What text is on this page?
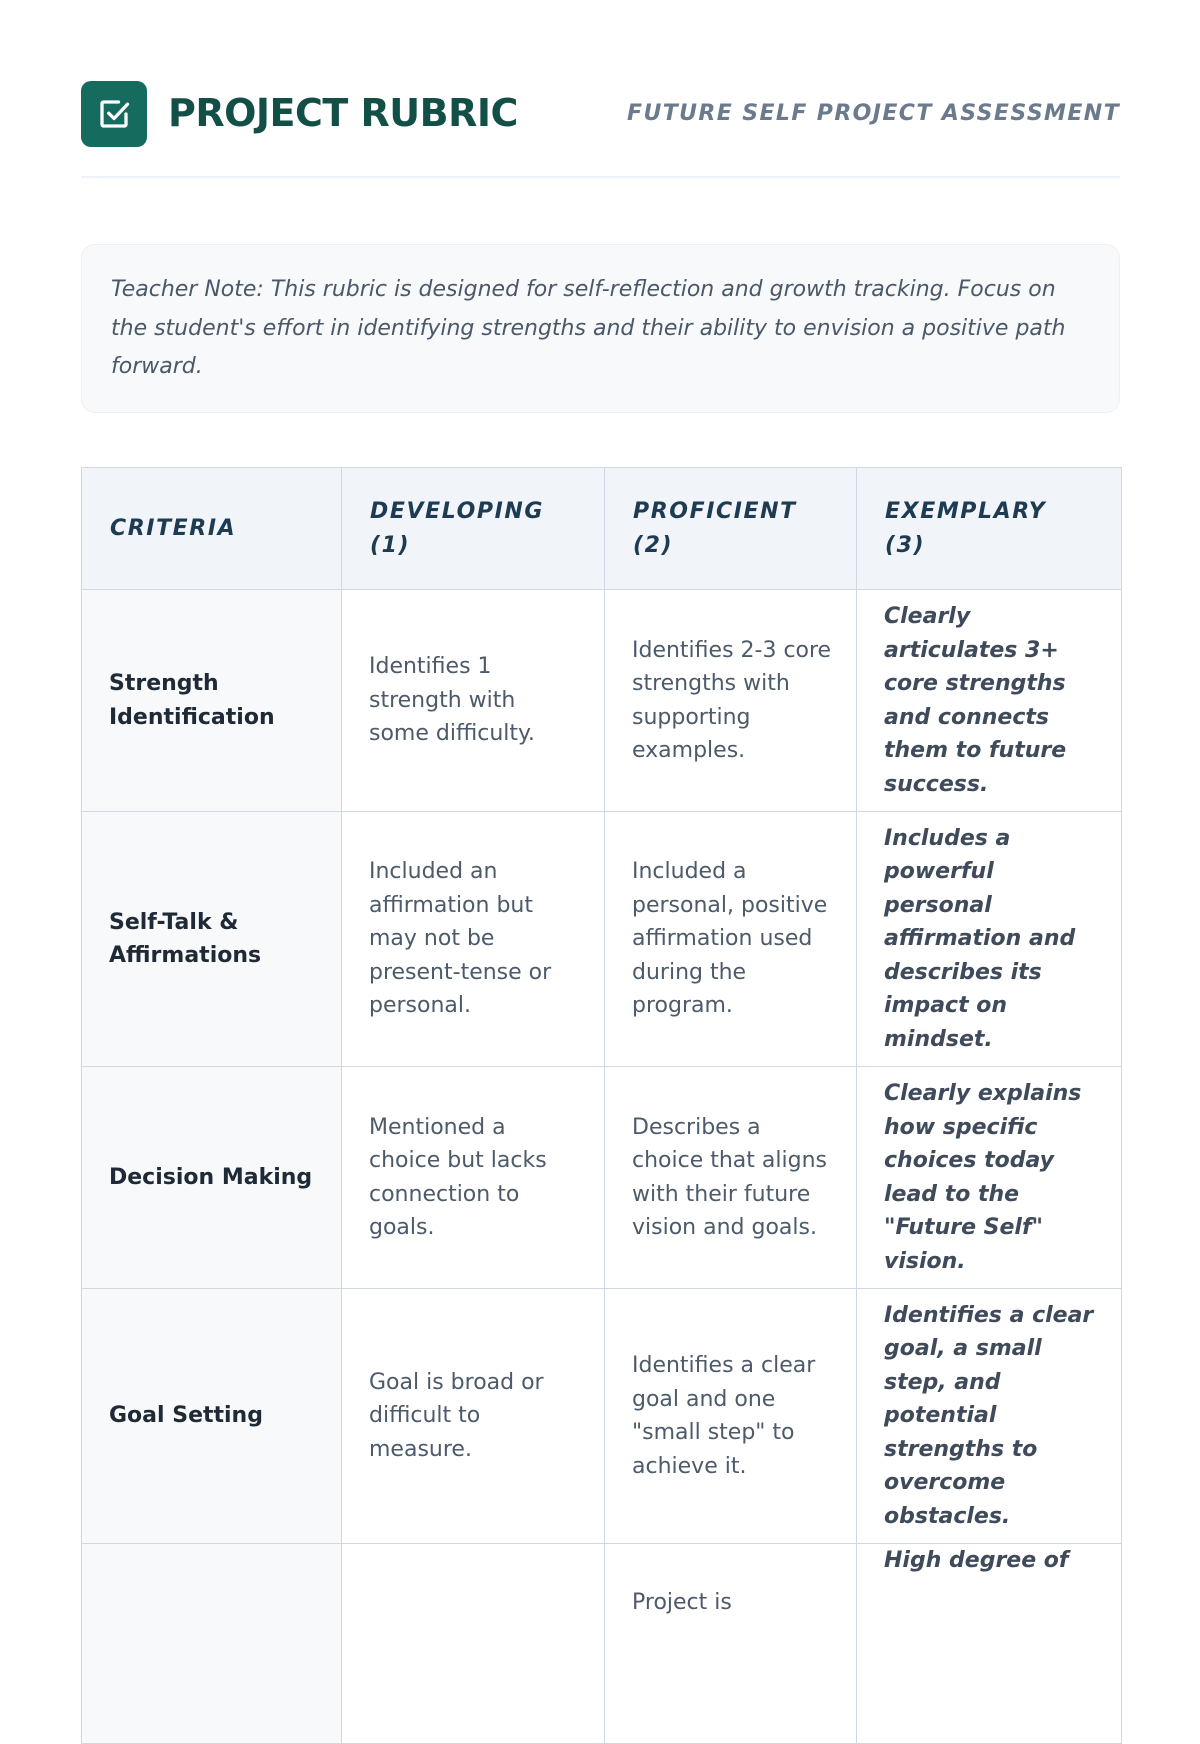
PROJECT RUBRIC	FUTURE SELF PROJECT ASSESSMENT
Teacher Note: This rubric is designed for self-reflection and growth tracking. Focus on the student's effort in identifying strengths and their ability to envision a positive path forward.
CRITERIA	DEVELOPING (1)	PROFICIENT (2)	EXEMPLARY (3)
Strength Identification	Identifies 1 strength with some difficulty.	Identifies 2-3 core strengths with supporting examples.	Clearly articulates 3+ core strengths and connects them to future success.
Self-Talk & Affirmations	Included an affirmation but may not be present-tense or personal.	Included a personal, positive affirmation used during the program.	Includes a powerful personal affirmation and describes its impact on mindset.
Decision Making	Mentioned a choice but lacks connection to goals.	Describes a choice that aligns with their future vision and goals.	Clearly explains how specific choices today lead to the "Future Self" vision.
Goal Setting	Goal is broad or difficult to measure.	Identifies a clear goal and one "small step" to achieve it.	Identifies a clear goal, a small step, and potential strengths to overcome obstacles.
		Project is	High degree of
